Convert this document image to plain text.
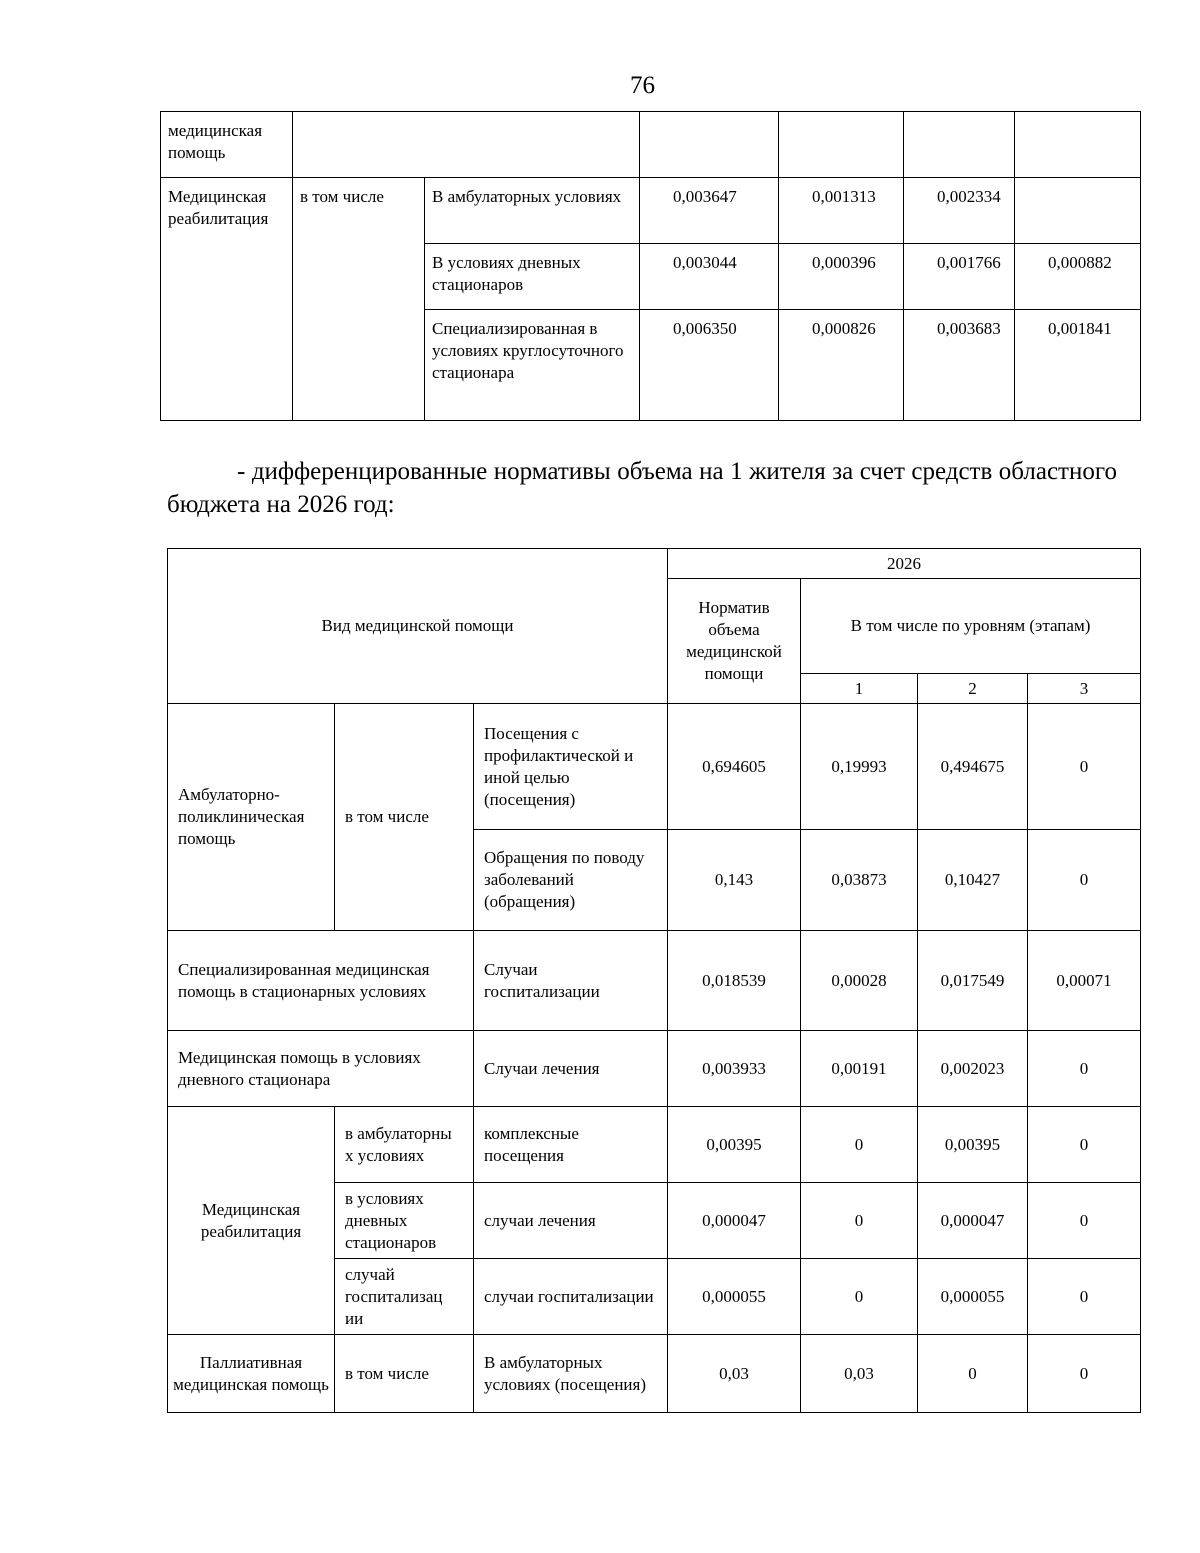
76
медицинская помощь						
Медицинская реабилитация	в том числе	В амбулаторных условиях	0,003647	0,001313	0,002334	
		В условиях дневных стационаров	0,003044	0,000396	0,001766	0,000882
		Специализированная в условиях круглосуточного стационара	0,006350	0,000826	0,003683	0,001841
- дифференцированные нормативы объема на 1 жителя за счет средств областного бюджета на 2026 год:
Вид медицинской помощи			2026			
			Норматив объема медицинской помощи	В том числе по уровням (этапам)		
				1	2	3
Амбулаторно-поликлиническая помощь	в том числе	Посещения с профилактической и иной целью (посещения)	0,694605	0,19993	0,494675	0
		Обращения по поводу заболеваний (обращения)	0,143	0,03873	0,10427	0
Специализированная медицинская помощь в стационарных условиях		Случаи госпитализации	0,018539	0,00028	0,017549	0,00071
Медицинская помощь в условиях дневного стационара		Случаи лечения	0,003933	0,00191	0,002023	0
Медицинская реабилитация	в амбулаторны х условиях	комплексные посещения	0,00395	0	0,00395	0
	в условиях дневных стационаров	случаи лечения	0,000047	0	0,000047	0
	случай госпитализац ии	случаи госпитализации	0,000055	0	0,000055	0
Паллиативная медицинская помощь	в том числе	В амбулаторных условиях (посещения)	0,03	0,03	0	0
